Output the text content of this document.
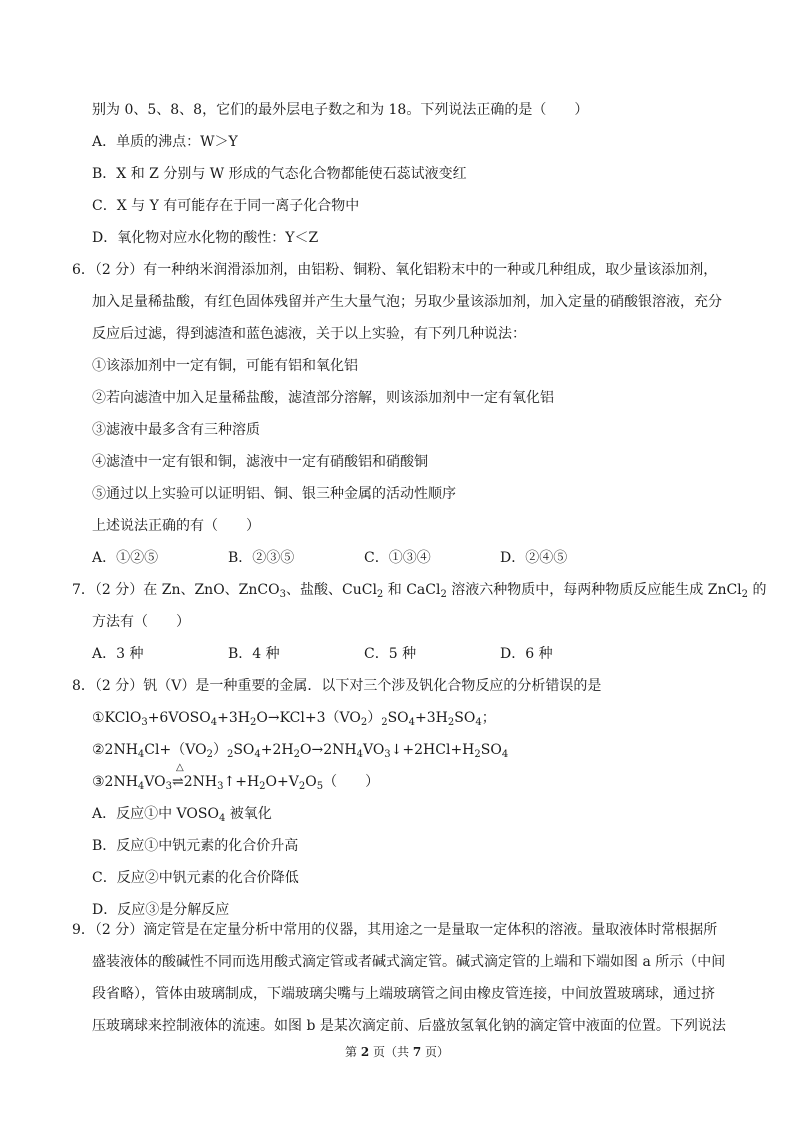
别为 0、5、8、8，它们的最外层电子数之和为 18。下列说法正确的是（　　）
A．单质的沸点：W＞Y
B．X 和 Z 分别与 W 形成的气态化合物都能使石蕊试液变红
C．X 与 Y 有可能存在于同一离子化合物中
D．氧化物对应水化物的酸性：Y＜Z
6．（2 分）有一种纳米润滑添加剂，由铝粉、铜粉、氧化铝粉末中的一种或几种组成，取少量该添加剂，
加入足量稀盐酸，有红色固体残留并产生大量气泡；另取少量该添加剂，加入定量的硝酸银溶液，充分
反应后过滤，得到滤渣和蓝色滤液，关于以上实验，有下列几种说法：
①该添加剂中一定有铜，可能有铝和氧化铝
②若向滤渣中加入足量稀盐酸，滤渣部分溶解，则该添加剂中一定有氧化铝
③滤液中最多含有三种溶质
④滤渣中一定有银和铜，滤液中一定有硝酸铝和硝酸铜
⑤通过以上实验可以证明铝、铜、银三种金属的活动性顺序
上述说法正确的有（　　）
A．①②⑤	B．②③⑤	C．①③④	D．②④⑤
7．（2 分）在 Zn、ZnO、ZnCO$_3$、盐酸、CuCl$_2$ 和 CaCl$_2$ 溶液六种物质中，每两种物质反应能生成 ZnCl$_2$ 的
方法有（　　）
A．3 种	B．4 种	C．5 种	D．6 种
8．（2 分）钒（V）是一种重要的金属．以下对三个涉及钒化合物反应的分析错误的是
$①KClO_3+6VOSO_4+3H_2O\to KCl+3(VO_2)_2SO_4+3H_2SO_4$；
$②2NH_4Cl+(VO_2)_2SO_4+2H_2O\to 2NH_4VO_3↓+2HCl+H_2SO_4$
$③2NH_4VO_3$
△
$\rightleftharpoons 2NH_3↑+H_2O+V_2O_5$（　　）
A．反应①中 $VOSO_4$ 被氧化
B．反应①中钒元素的化合价升高
C．反应②中钒元素的化合价降低
D．反应③是分解反应
9．（2 分）滴定管是在定量分析中常用的仪器，其用途之一是量取一定体积的溶液。量取液体时常根据所
盛装液体的酸碱性不同而选用酸式滴定管或者碱式滴定管。碱式滴定管的上端和下端如图 a 所示（中间
段省略），管体由玻璃制成，下端玻璃尖嘴与上端玻璃管之间由橡皮管连接，中间放置玻璃球，通过挤
压玻璃球来控制液体的流速。如图 b 是某次滴定前、后盛放氢氧化钠的滴定管中液面的位置。下列说法
第 2 页（共 7 页）
